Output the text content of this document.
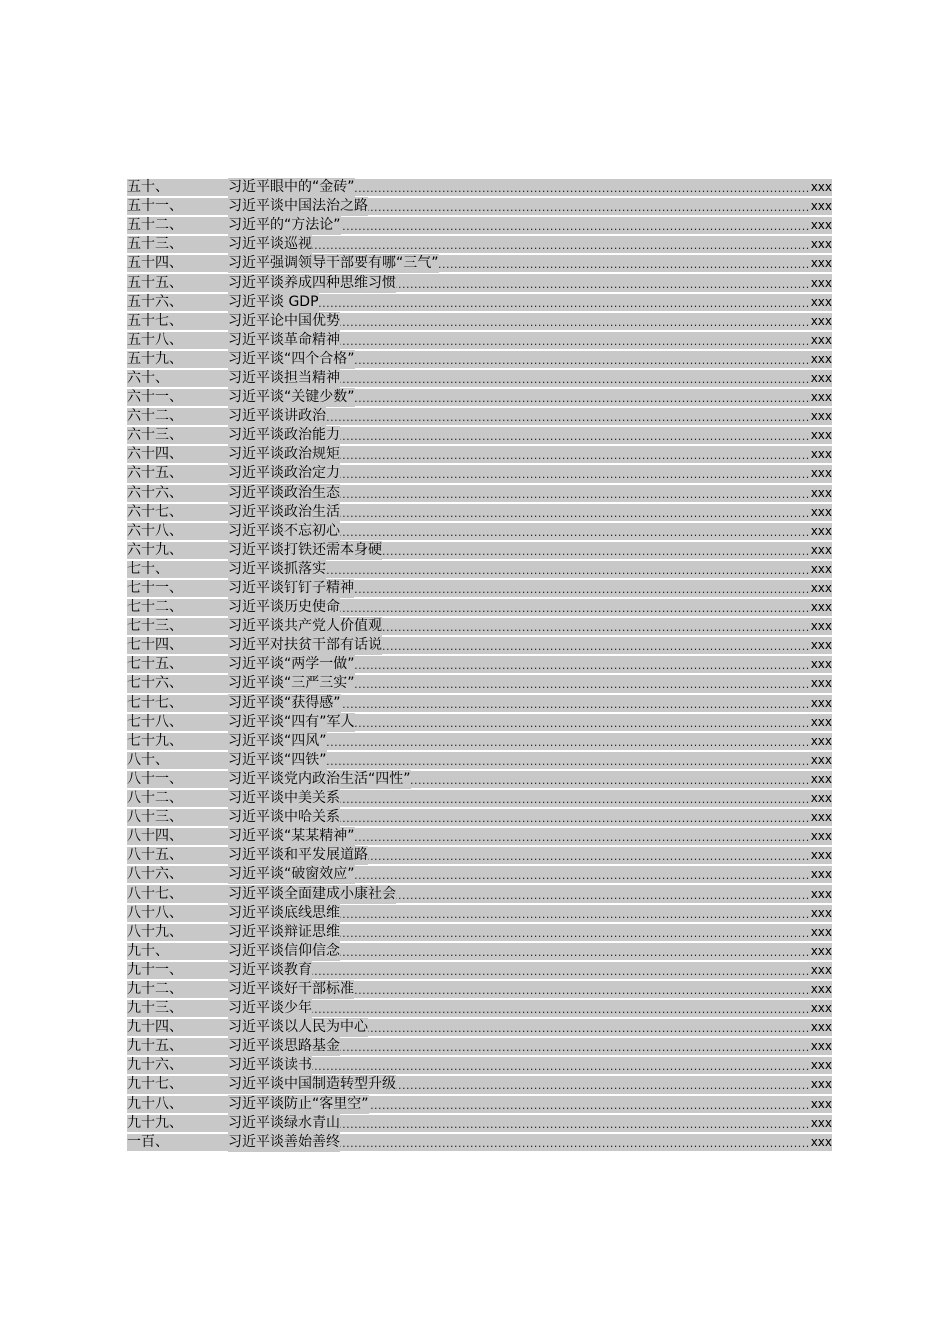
五十、	习近平眼中的“金砖” .....	xxx
五十一、	习近平谈中国法治之路 .....	xxx
五十二、	习近平的“方法论” .....	xxx
五十三、	习近平谈巡视 .....	xxx
五十四、	习近平强调领导干部要有哪“三气” .....	xxx
五十五、	习近平谈养成四种思维习惯 .....	xxx
五十六、	习近平谈 GDP .....	xxx
五十七、	习近平论中国优势 .....	xxx
五十八、	习近平谈革命精神 .....	xxx
五十九、	习近平谈“四个合格” .....	xxx
六十、	习近平谈担当精神 .....	xxx
六十一、	习近平谈“关键少数” .....	xxx
六十二、	习近平谈讲政治 .....	xxx
六十三、	习近平谈政治能力 .....	xxx
六十四、	习近平谈政治规矩 .....	xxx
六十五、	习近平谈政治定力 .....	xxx
六十六、	习近平谈政治生态 .....	xxx
六十七、	习近平谈政治生活 .....	xxx
六十八、	习近平谈不忘初心 .....	xxx
六十九、	习近平谈打铁还需本身硬 .....	xxx
七十、	习近平谈抓落实 .....	xxx
七十一、	习近平谈钉钉子精神 .....	xxx
七十二、	习近平谈历史使命 .....	xxx
七十三、	习近平谈共产党人价值观 .....	xxx
七十四、	习近平对扶贫干部有话说 .....	xxx
七十五、	习近平谈“两学一做” .....	xxx
七十六、	习近平谈“三严三实” .....	xxx
七十七、	习近平谈“获得感” .....	xxx
七十八、	习近平谈“四有”军人 .....	xxx
七十九、	习近平谈“四风” .....	xxx
八十、	习近平谈“四铁” .....	xxx
八十一、	习近平谈党内政治生活“四性” .....	xxx
八十二、	习近平谈中美关系 .....	xxx
八十三、	习近平谈中哈关系 .....	xxx
八十四、	习近平谈“某某精神” .....	xxx
八十五、	习近平谈和平发展道路 .....	xxx
八十六、	习近平谈“破窗效应” .....	xxx
八十七、	习近平谈全面建成小康社会 .....	xxx
八十八、	习近平谈底线思维 .....	xxx
八十九、	习近平谈辩证思维 .....	xxx
九十、	习近平谈信仰信念 .....	xxx
九十一、	习近平谈教育 .....	xxx
九十二、	习近平谈好干部标准 .....	xxx
九十三、	习近平谈少年 .....	xxx
九十四、	习近平谈以人民为中心 .....	xxx
九十五、	习近平谈思路基金 .....	xxx
九十六、	习近平谈读书 .....	xxx
九十七、	习近平谈中国制造转型升级 .....	xxx
九十八、	习近平谈防止“客里空” .....	xxx
九十九、	习近平谈绿水青山 .....	xxx
一百、	习近平谈善始善终 .....	xxx
